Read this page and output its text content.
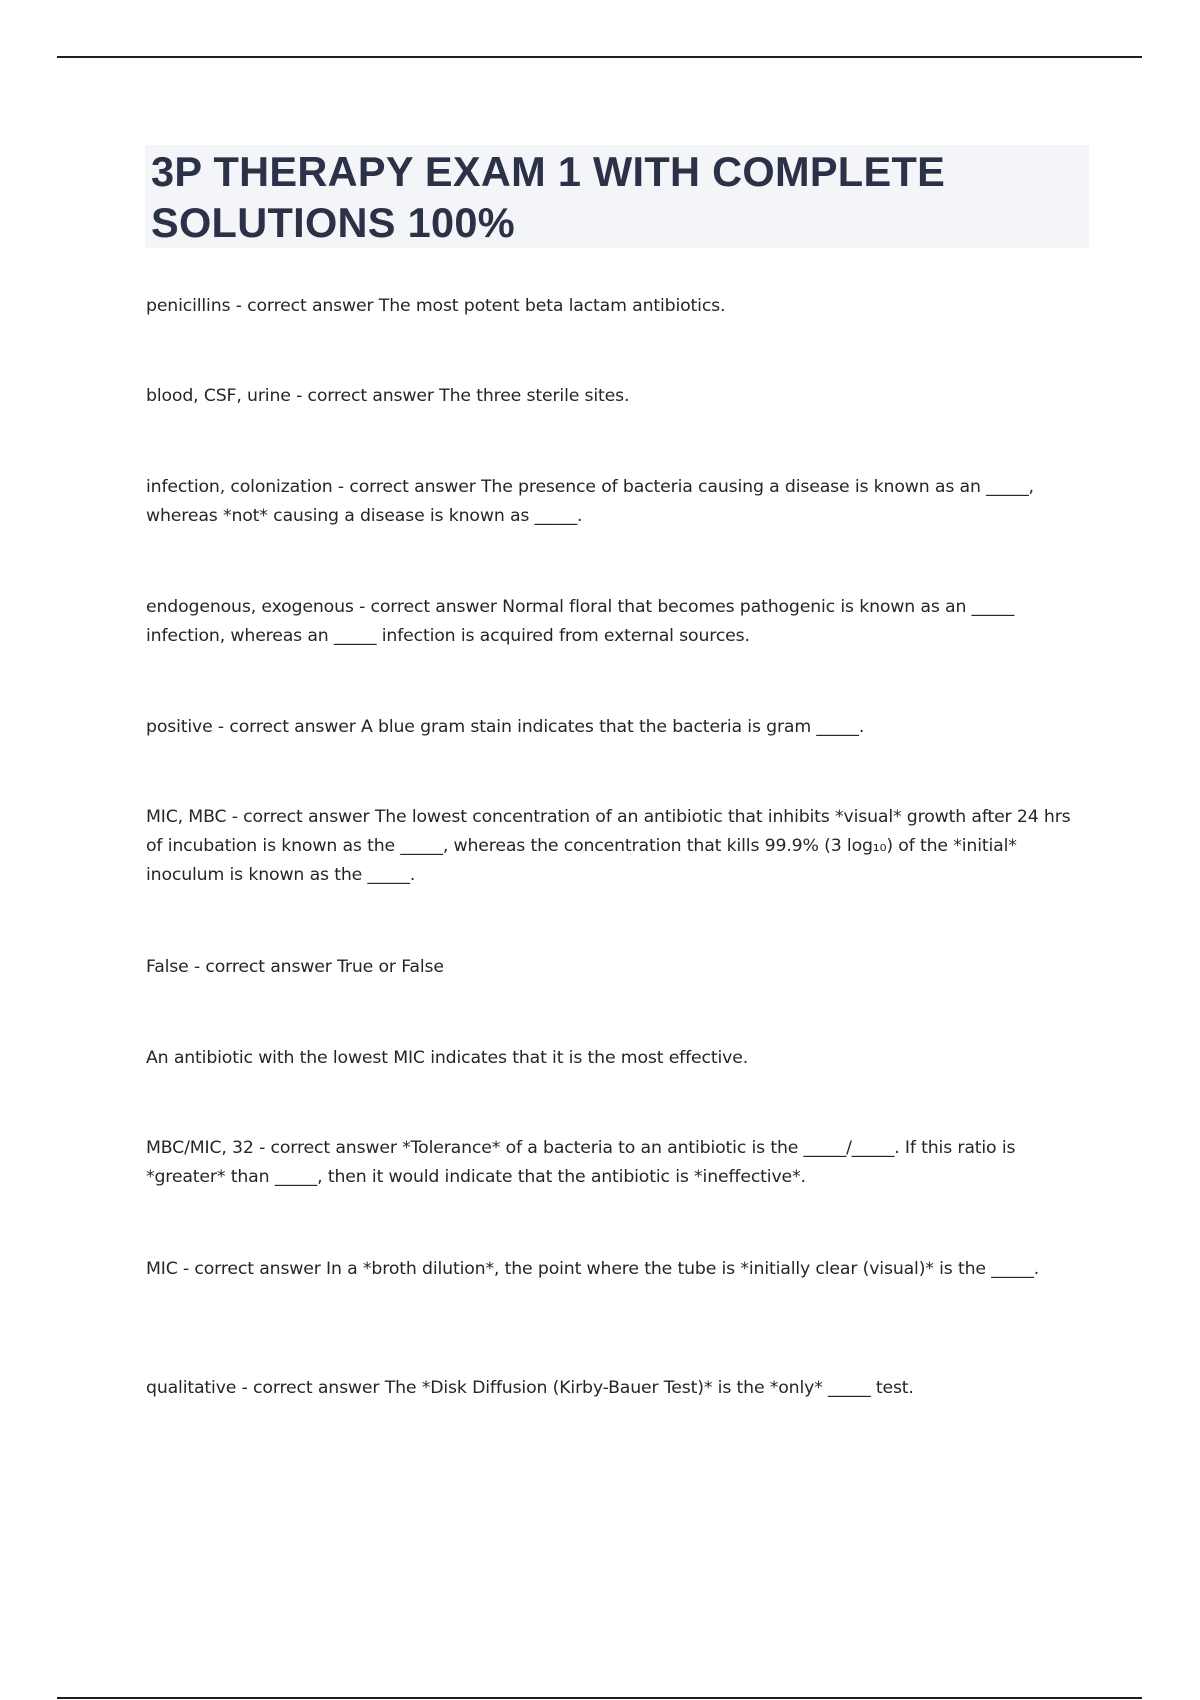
3P THERAPY EXAM 1 WITH COMPLETE SOLUTIONS 100%

penicillins - correct answer The most potent beta lactam antibiotics.

blood, CSF, urine - correct answer The three sterile sites.

infection, colonization - correct answer The presence of bacteria causing a disease is known as an _____, whereas *not* causing a disease is known as _____.

endogenous, exogenous - correct answer Normal floral that becomes pathogenic is known as an _____ infection, whereas an _____ infection is acquired from external sources.

positive - correct answer A blue gram stain indicates that the bacteria is gram _____.

MIC, MBC - correct answer The lowest concentration of an antibiotic that inhibits *visual* growth after 24 hrs of incubation is known as the _____, whereas the concentration that kills 99.9% (3 log₁₀) of the *initial* inoculum is known as the _____.

False - correct answer True or False

An antibiotic with the lowest MIC indicates that it is the most effective.

MBC/MIC, 32 - correct answer *Tolerance* of a bacteria to an antibiotic is the _____/_____. If this ratio is *greater* than _____, then it would indicate that the antibiotic is *ineffective*.

MIC - correct answer In a *broth dilution*, the point where the tube is *initially clear (visual)* is the _____.

qualitative - correct answer The *Disk Diffusion (Kirby-Bauer Test)* is the *only* _____ test.
